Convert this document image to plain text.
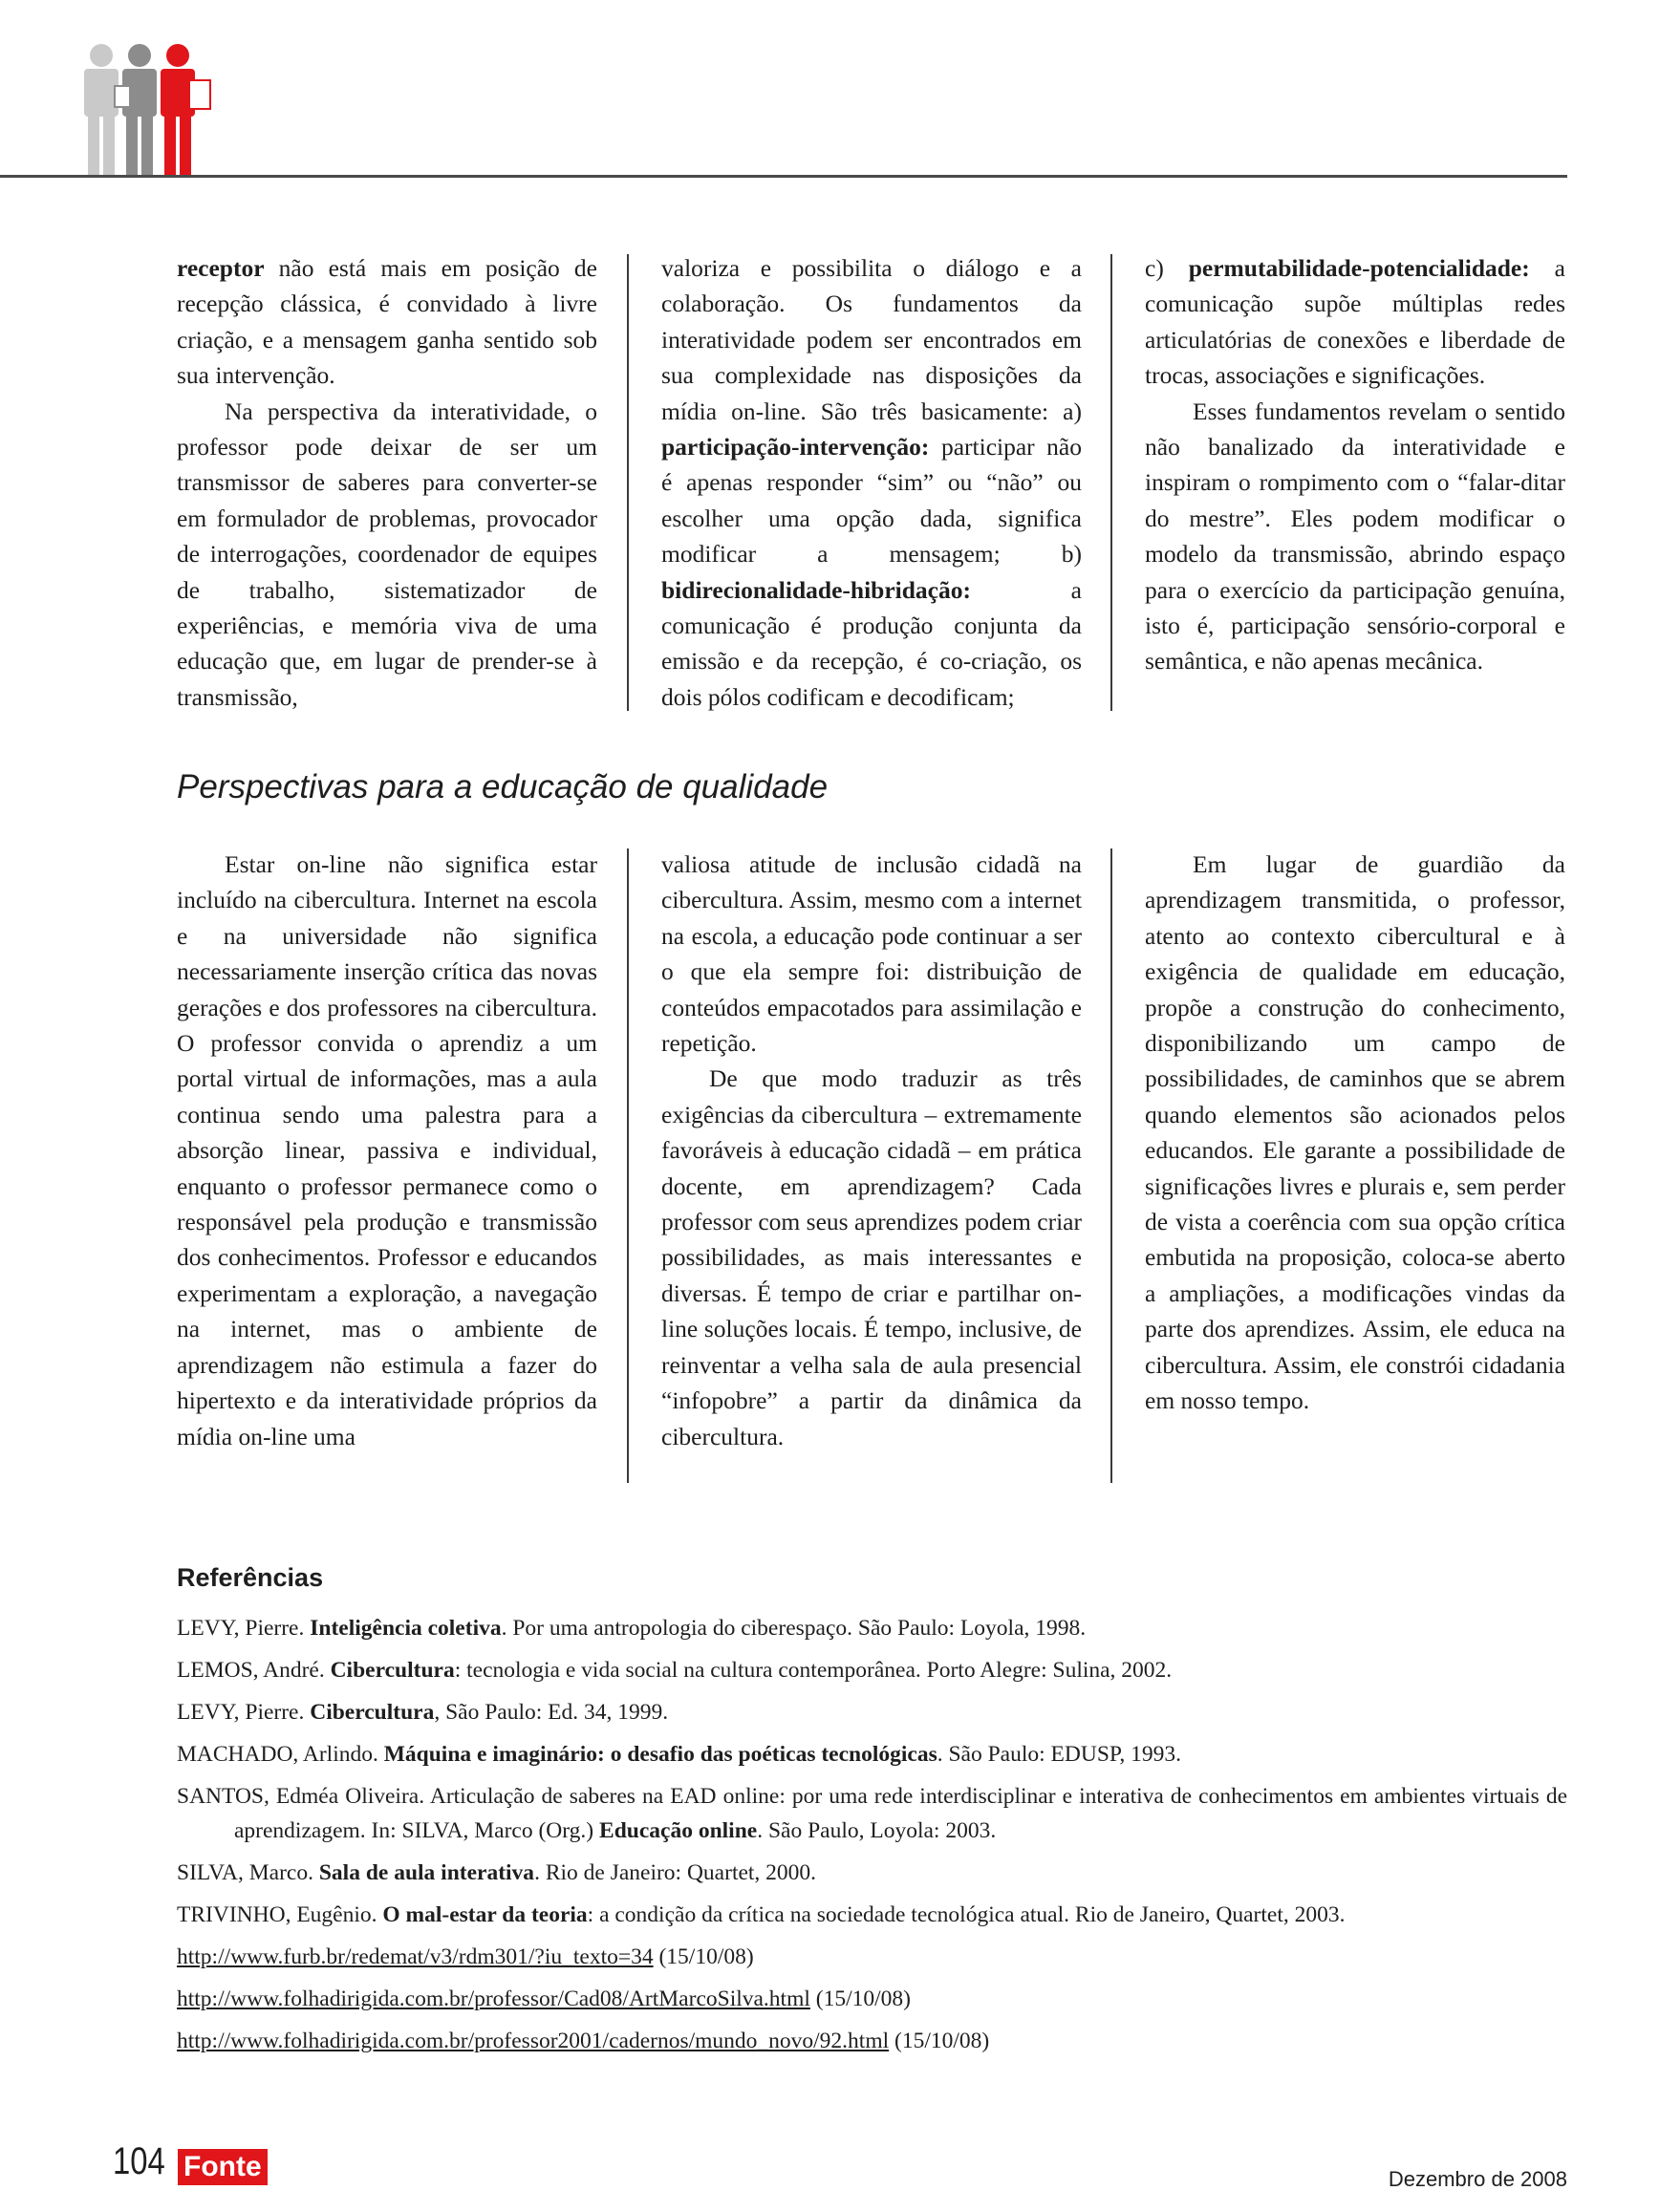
receptor não está mais em posição de recepção clássica, é convidado à livre criação, e a mensagem ganha sentido sob sua intervenção.

Na perspectiva da interatividade, o professor pode deixar de ser um transmissor de saberes para converter-se em formulador de problemas, provocador de interrogações, coordenador de equipes de trabalho, sistematizador de experiências, e memória viva de uma educação que, em lugar de prender-se à transmissão,

valoriza e possibilita o diálogo e a colaboração. Os fundamentos da interatividade podem ser encontrados em sua complexidade nas disposições da mídia on-line. São três basicamente: a) participação-intervenção: participar não é apenas responder “sim” ou “não” ou escolher uma opção dada, significa modificar a mensagem; b) bidirecionalidade-hibridação: a comunicação é produção conjunta da emissão e da recepção, é co-criação, os dois pólos codificam e decodificam;

c) permutabilidade-potencialidade: a comunicação supõe múltiplas redes articulatórias de conexões e liberdade de trocas, associações e significações.

Esses fundamentos revelam o sentido não banalizado da interatividade e inspiram o rompimento com o “falar-ditar do mestre”. Eles podem modificar o modelo da transmissão, abrindo espaço para o exercício da participação genuína, isto é, participação sensório-corporal e semântica, e não apenas mecânica.

Perspectivas para a educação de qualidade

Estar on-line não significa estar incluído na cibercultura. Internet na escola e na universidade não significa necessariamente inserção crítica das novas gerações e dos professores na cibercultura. O professor convida o aprendiz a um portal virtual de informações, mas a aula continua sendo uma palestra para a absorção linear, passiva e individual, enquanto o professor permanece como o responsável pela produção e transmissão dos conhecimentos. Professor e educandos experimentam a exploração, a navegação na internet, mas o ambiente de aprendizagem não estimula a fazer do hipertexto e da interatividade próprios da mídia on-line uma

valiosa atitude de inclusão cidadã na cibercultura. Assim, mesmo com a internet na escola, a educação pode continuar a ser o que ela sempre foi: distribuição de conteúdos empacotados para assimilação e repetição.

De que modo traduzir as três exigências da cibercultura – extremamente favoráveis à educação cidadã – em prática docente, em aprendizagem? Cada professor com seus aprendizes podem criar possibilidades, as mais interessantes e diversas. É tempo de criar e partilhar on-line soluções locais. É tempo, inclusive, de reinventar a velha sala de aula presencial “infopobre” a partir da dinâmica da cibercultura.

Em lugar de guardião da aprendizagem transmitida, o professor, atento ao contexto cibercultural e à exigência de qualidade em educação, propõe a construção do conhecimento, disponibilizando um campo de possibilidades, de caminhos que se abrem quando elementos são acionados pelos educandos. Ele garante a possibilidade de significações livres e plurais e, sem perder de vista a coerência com sua opção crítica embutida na proposição, coloca-se aberto a ampliações, a modificações vindas da parte dos aprendizes. Assim, ele educa na cibercultura. Assim, ele constrói cidadania em nosso tempo.

Referências
LEVY, Pierre. Inteligência coletiva. Por uma antropologia do ciberespaço. São Paulo: Loyola, 1998.
LEMOS, André. Cibercultura: tecnologia e vida social na cultura contemporânea. Porto Alegre: Sulina, 2002.
LEVY, Pierre. Cibercultura, São Paulo: Ed. 34, 1999.
MACHADO, Arlindo. Máquina e imaginário: o desafio das poéticas tecnológicas. São Paulo: EDUSP, 1993.
SANTOS, Edméa Oliveira. Articulação de saberes na EAD online: por uma rede interdisciplinar e interativa de conhecimentos em ambientes virtuais de aprendizagem. In: SILVA, Marco (Org.) Educação online. São Paulo, Loyola: 2003.
SILVA, Marco. Sala de aula interativa. Rio de Janeiro: Quartet, 2000.
TRIVINHO, Eugênio. O mal-estar da teoria: a condição da crítica na sociedade tecnológica atual. Rio de Janeiro, Quartet, 2003.
http://www.furb.br/redemat/v3/rdm301/?iu_texto=34 (15/10/08)
http://www.folhadirigida.com.br/professor/Cad08/ArtMarcoSilva.html (15/10/08)
http://www.folhadirigida.com.br/professor2001/cadernos/mundo_novo/92.html (15/10/08)
104 Fonte	Dezembro de 2008
